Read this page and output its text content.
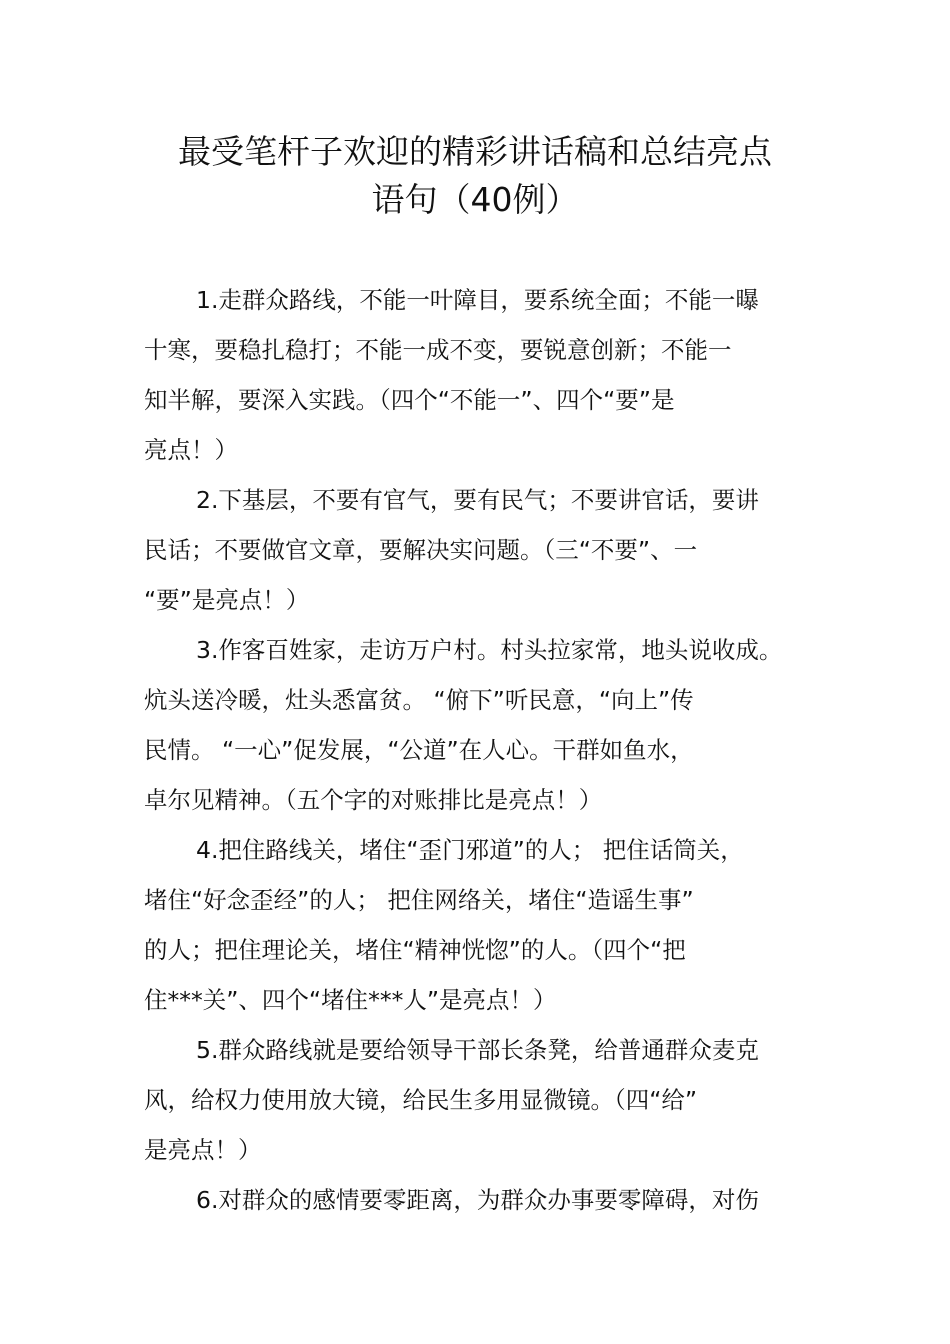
最受笔杆子欢迎的精彩讲话稿和总结亮点
语句（40例）
1.走群众路线，不能一叶障目，要系统全面；不能一曝
十寒，要稳扎稳打；不能一成不变，要锐意创新；不能一
知半解，要深入实践。（四个“不能一”、四个“要”是
亮点！）
2.下基层，不要有官气，要有民气；不要讲官话，要讲
民话；不要做官文章，要解决实问题。（三“不要”、一
“要”是亮点！）
3.作客百姓家，走访万户村。村头拉家常，地头说收成。
炕头送冷暖，灶头悉富贫。 “俯下”听民意，“向上”传
民情。 “一心”促发展，“公道”在人心。干群如鱼水，
卓尔见精神。（五个字的对账排比是亮点！）
4.把住路线关，堵住“歪门邪道”的人； 把住话筒关，
堵住“好念歪经”的人； 把住网络关，堵住“造谣生事”
的人；把住理论关，堵住“精神恍惚”的人。（四个“把
住***关”、四个“堵住***人”是亮点！）
5.群众路线就是要给领导干部长条凳，给普通群众麦克
风，给权力使用放大镜，给民生多用显微镜。（四“给”
是亮点！）
6.对群众的感情要零距离，为群众办事要零障碍，对伤
